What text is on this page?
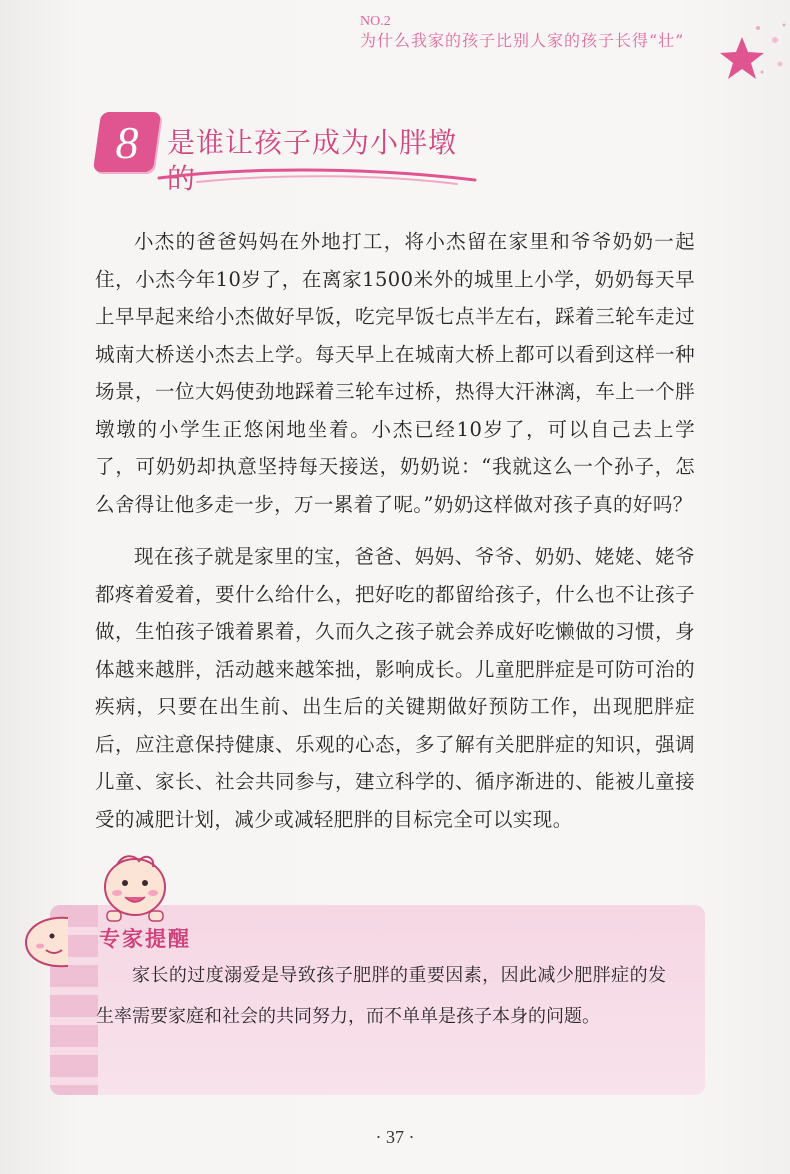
NO.2
为什么我家的孩子比别人家的孩子长得“壮”
8	是谁让孩子成为小胖墩的

小杰的爸爸妈妈在外地打工，将小杰留在家里和爷爷奶奶一起住，小杰今年10岁了，在离家1500米外的城里上小学，奶奶每天早上早早起来给小杰做好早饭，吃完早饭七点半左右，踩着三轮车走过城南大桥送小杰去上学。每天早上在城南大桥上都可以看到这样一种场景，一位大妈使劲地踩着三轮车过桥，热得大汗淋漓，车上一个胖墩墩的小学生正悠闲地坐着。小杰已经10岁了，可以自己去上学了，可奶奶却执意坚持每天接送，奶奶说：“我就这么一个孙子，怎么舍得让他多走一步，万一累着了呢。”奶奶这样做对孩子真的好吗？

现在孩子就是家里的宝，爸爸、妈妈、爷爷、奶奶、姥姥、姥爷都疼着爱着，要什么给什么，把好吃的都留给孩子，什么也不让孩子做，生怕孩子饿着累着，久而久之孩子就会养成好吃懒做的习惯，身体越来越胖，活动越来越笨拙，影响成长。儿童肥胖症是可防可治的疾病，只要在出生前、出生后的关键期做好预防工作，出现肥胖症后，应注意保持健康、乐观的心态，多了解有关肥胖症的知识，强调儿童、家长、社会共同参与，建立科学的、循序渐进的、能被儿童接受的减肥计划，减少或减轻肥胖的目标完全可以实现。

专家提醒

家长的过度溺爱是导致孩子肥胖的重要因素，因此减少肥胖症的发生率需要家庭和社会的共同努力，而不单单是孩子本身的问题。

· 37 ·
